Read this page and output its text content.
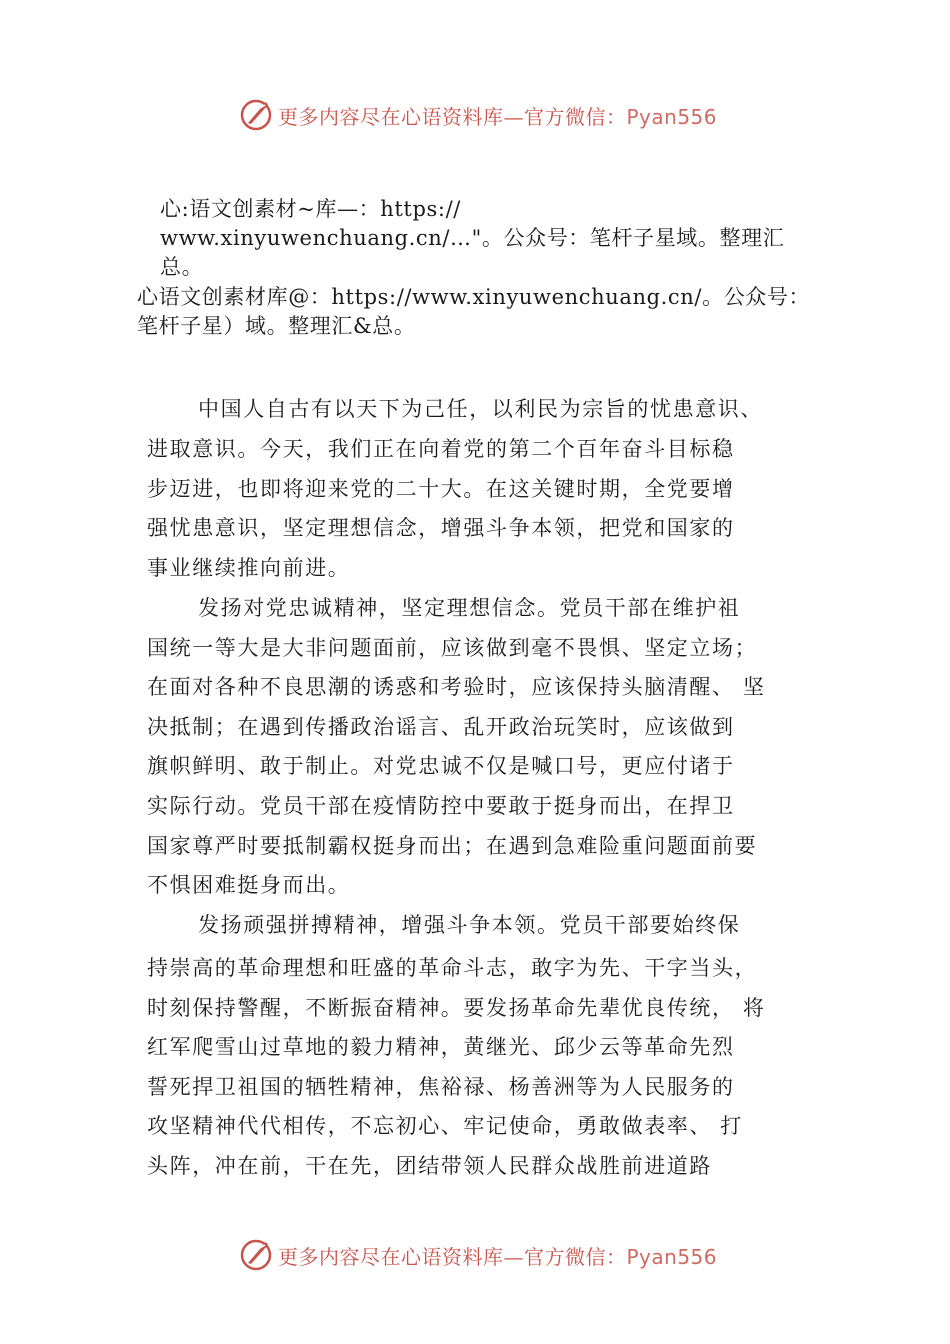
更多内容尽在心语资料库—官方微信：Pyan556
心:语文创素材~库—：https://
www.xinyuwenchuang.cn/…"。公众号：笔杆子星域。整理汇
总。
心语文创素材库@：https://www.xinyuwenchuang.cn/。公众号：
笔杆子星）域。整理汇&总。
中国人自古有以天下为己任，以利民为宗旨的忧患意识、
进取意识。今天，我们正在向着党的第二个百年奋斗目标稳
步迈进，也即将迎来党的二十大。在这关键时期，全党要增
强忧患意识，坚定理想信念，增强斗争本领，把党和国家的
事业继续推向前进。
发扬对党忠诚精神，坚定理想信念。党员干部在维护祖
国统一等大是大非问题面前，应该做到毫不畏惧、坚定立场；
在面对各种不良思潮的诱惑和考验时，应该保持头脑清醒、 坚
决抵制；在遇到传播政治谣言、乱开政治玩笑时，应该做到
旗帜鲜明、敢于制止。对党忠诚不仅是喊口号，更应付诸于
实际行动。党员干部在疫情防控中要敢于挺身而出，在捍卫
国家尊严时要抵制霸权挺身而出；在遇到急难险重问题面前要
不惧困难挺身而出。
发扬顽强拼搏精神，增强斗争本领。党员干部要始终保
持崇高的革命理想和旺盛的革命斗志，敢字为先、干字当头，
时刻保持警醒，不断振奋精神。要发扬革命先辈优良传统， 将
红军爬雪山过草地的毅力精神，黄继光、邱少云等革命先烈
誓死捍卫祖国的牺牲精神，焦裕禄、杨善洲等为人民服务的
攻坚精神代代相传，不忘初心、牢记使命，勇敢做表率、 打
头阵，冲在前，干在先，团结带领人民群众战胜前进道路
更多内容尽在心语资料库—官方微信：Pyan556
